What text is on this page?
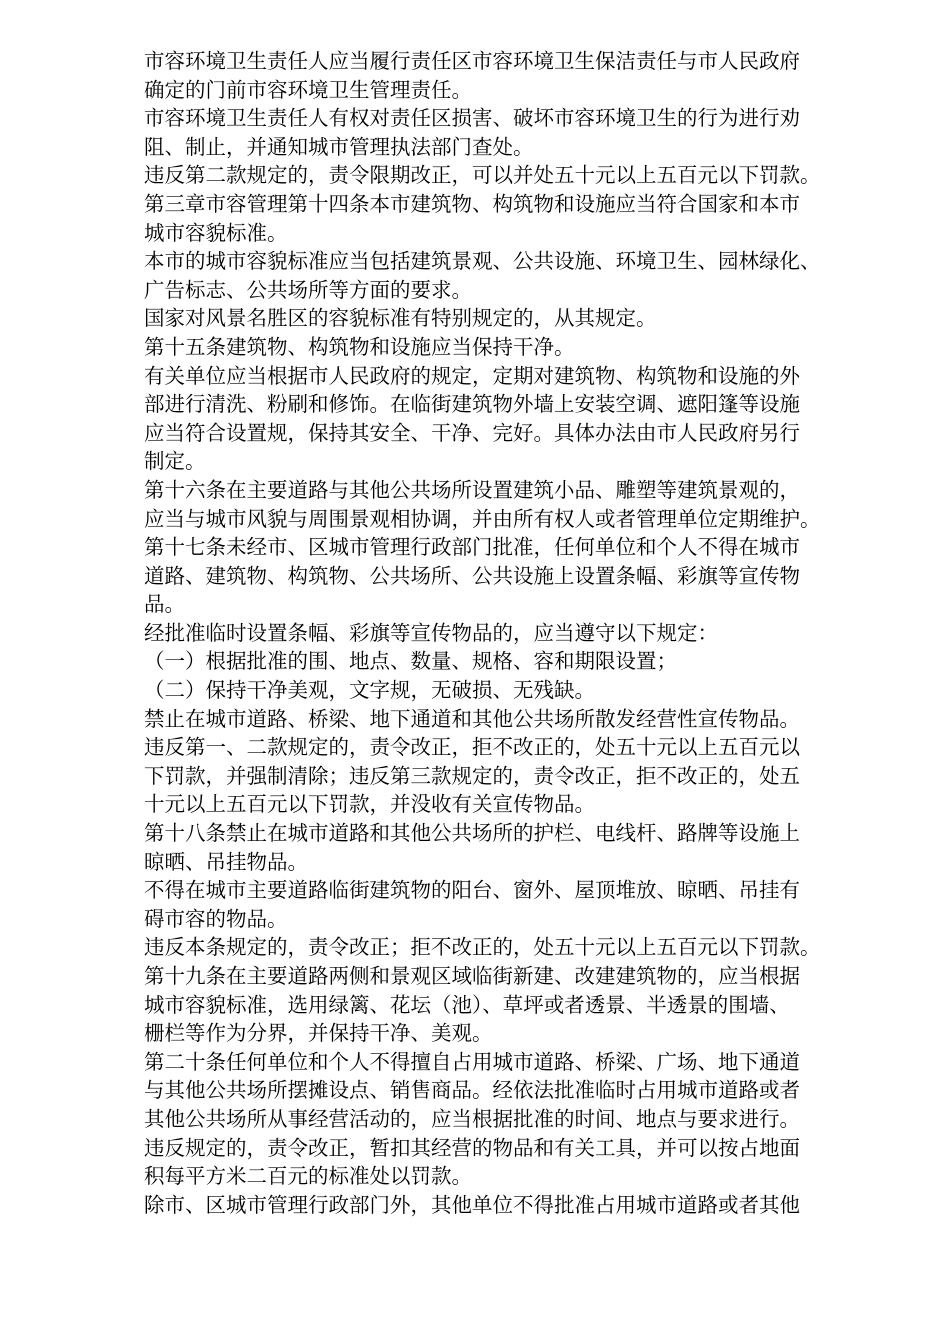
市容环境卫生责任人应当履行责任区市容环境卫生保洁责任与市人民政府
确定的门前市容环境卫生管理责任。

市容环境卫生责任人有权对责任区损害、破坏市容环境卫生的行为进行劝
阻、制止，并通知城市管理执法部门查处。

违反第二款规定的，责令限期改正，可以并处五十元以上五百元以下罚款。

第三章市容管理第十四条本市建筑物、构筑物和设施应当符合国家和本市
城市容貌标准。

本市的城市容貌标准应当包括建筑景观、公共设施、环境卫生、园林绿化、
广告标志、公共场所等方面的要求。

国家对风景名胜区的容貌标准有特别规定的，从其规定。

第十五条建筑物、构筑物和设施应当保持干净。

有关单位应当根据市人民政府的规定，定期对建筑物、构筑物和设施的外
部进行清洗、粉刷和修饰。在临街建筑物外墙上安装空调、遮阳篷等设施
应当符合设置规，保持其安全、干净、完好。具体办法由市人民政府另行
制定。

第十六条在主要道路与其他公共场所设置建筑小品、雕塑等建筑景观的，
应当与城市风貌与周围景观相协调，并由所有权人或者管理单位定期维护。

第十七条未经市、区城市管理行政部门批准，任何单位和个人不得在城市
道路、建筑物、构筑物、公共场所、公共设施上设置条幅、彩旗等宣传物
品。

经批准临时设置条幅、彩旗等宣传物品的，应当遵守以下规定：

（一）根据批准的围、地点、数量、规格、容和期限设置；

（二）保持干净美观，文字规，无破损、无残缺。

禁止在城市道路、桥梁、地下通道和其他公共场所散发经营性宣传物品。

违反第一、二款规定的，责令改正，拒不改正的，处五十元以上五百元以
下罚款，并强制清除；违反第三款规定的，责令改正，拒不改正的，处五
十元以上五百元以下罚款，并没收有关宣传物品。

第十八条禁止在城市道路和其他公共场所的护栏、电线杆、路牌等设施上
晾晒、吊挂物品。

不得在城市主要道路临街建筑物的阳台、窗外、屋顶堆放、晾晒、吊挂有
碍市容的物品。

违反本条规定的，责令改正；拒不改正的，处五十元以上五百元以下罚款。

第十九条在主要道路两侧和景观区域临街新建、改建建筑物的，应当根据
城市容貌标准，选用绿篱、花坛（池）、草坪或者透景、半透景的围墙、
栅栏等作为分界，并保持干净、美观。

第二十条任何单位和个人不得擅自占用城市道路、桥梁、广场、地下通道
与其他公共场所摆摊设点、销售商品。经依法批准临时占用城市道路或者
其他公共场所从事经营活动的，应当根据批准的时间、地点与要求进行。

违反规定的，责令改正，暂扣其经营的物品和有关工具，并可以按占地面
积每平方米二百元的标准处以罚款。

除市、区城市管理行政部门外，其他单位不得批准占用城市道路或者其他
